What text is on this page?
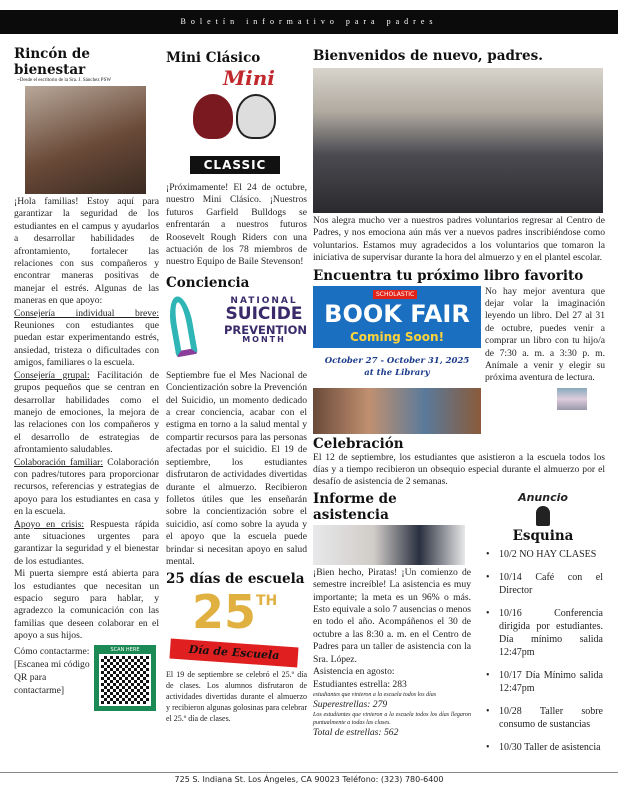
Boletín informativo para padres
Rincón de bienestar
~Desde el escritorio de la Sra. J. Sánchez PSW

¡Hola familias! Estoy aquí para garantizar la seguridad de los estudiantes en el campus y ayudarlos a desarrollar habilidades de afrontamiento, fortalecer las relaciones con sus compañeros y encontrar maneras positivas de manejar el estrés. Algunas de las maneras en que apoyo:

Consejería individual breve: Reuniones con estudiantes que puedan estar experimentando estrés, ansiedad, tristeza o dificultades con amigos, familiares o la escuela.

Consejería grupal: Facilitación de grupos pequeños que se centran en desarrollar habilidades como el manejo de emociones, la mejora de las relaciones con los compañeros y el desarrollo de estrategias de afrontamiento saludables.

Colaboración familiar: Colaboración con padres/tutores para proporcionar recursos, referencias y estrategias de apoyo para los estudiantes en casa y en la escuela.

Apoyo en crisis: Respuesta rápida ante situaciones urgentes para garantizar la seguridad y el bienestar de los estudiantes.

Mi puerta siempre está abierta para los estudiantes que necesitan un espacio seguro para hablar, y agradezco la comunicación con las familias que deseen colaborar en el apoyo a sus hijos.

Cómo contactarme: [Escanea mi código QR para contactarme]
SCAN HERE
Mini Clásico
Mini
CLASSIC
¡Próximamente! El 24 de octubre, nuestro Mini Clásico. ¡Nuestros futuros Garfield Bulldogs se enfrentarán a nuestros futuros Roosevelt Rough Riders con una actuación de los 78 miembros de nuestro Equipo de Baile Stevenson!
Conciencia
NATIONAL
SUICIDE
PREVENTION
MONTH
Septiembre fue el Mes Nacional de Concientización sobre la Prevención del Suicidio, un momento dedicado a crear conciencia, acabar con el estigma en torno a la salud mental y compartir recursos para las personas afectadas por el suicidio. El 19 de septiembre, los estudiantes disfrutaron de actividades divertidas durante el almuerzo. Recibieron folletos útiles que les enseñarán sobre la concientización sobre el suicidio, así como sobre la ayuda y el apoyo que la escuela puede brindar si necesitan apoyo en salud mental.
25 días de escuela
25 TH
Día de Escuela
El 19 de septiembre se celebró el 25.º día de clases. Los alumnos disfrutaron de actividades divertidas durante el almuerzo y recibieron algunas golosinas para celebrar el 25.º día de clases.
Bienvenidos de nuevo, padres.
Nos alegra mucho ver a nuestros padres voluntarios regresar al Centro de Padres, y nos emociona aún más ver a nuevos padres inscribiéndose como voluntarios. Estamos muy agradecidos a los voluntarios que tomaron la iniciativa de supervisar durante la hora del almuerzo y en el plantel escolar.
Encuentra tu próximo libro favorito
SCHOLASTIC
BOOK FAIR
Coming Soon!
October 27 - October 31, 2025
at the Library
No hay mejor aventura que dejar volar la imaginación leyendo un libro. Del 27 al 31 de octubre, puedes venir a comprar un libro con tu hijo/a de 7:30 a. m. a 3:30 p. m. Anímale a venir y elegir su próxima aventura de lectura.
Celebración
El 12 de septiembre, los estudiantes que asistieron a la escuela todos los días y a tiempo recibieron un obsequio especial durante el almuerzo por el desafío de asistencia de 2 semanas.
Informe de asistencia

¡Bien hecho, Piratas! ¡Un comienzo de semestre increíble! La asistencia es muy importante; la meta es un 96% o más. Esto equivale a solo 7 ausencias o menos en todo el año. Acompáñenos el 30 de octubre a las 8:30 a. m. en el Centro de Padres para un taller de asistencia con la Sra. López.

Asistencia en agosto:

Estudiantes estrella: 283

estudiantes que vinieron a la escuela todos los días

Superestrellas: 279

Los estudiantes que vinieron a la escuela todos los días llegaron puntualmente a todas las clases.

Total de estrellas: 562

Anuncio
Esquina
• 10/2 NO HAY CLASES
• 10/14 Café con el Director
• 10/16 Conferencia dirigida por estudiantes. Día mínimo salida 12:47pm
• 10/17 Día Mínimo salida 12:47pm
• 10/28 Taller sobre consumo de sustancias
• 10/30 Taller de asistencia
725 S. Indiana St. Los Ángeles, CA 90023 Teléfono: (323) 780-6400
